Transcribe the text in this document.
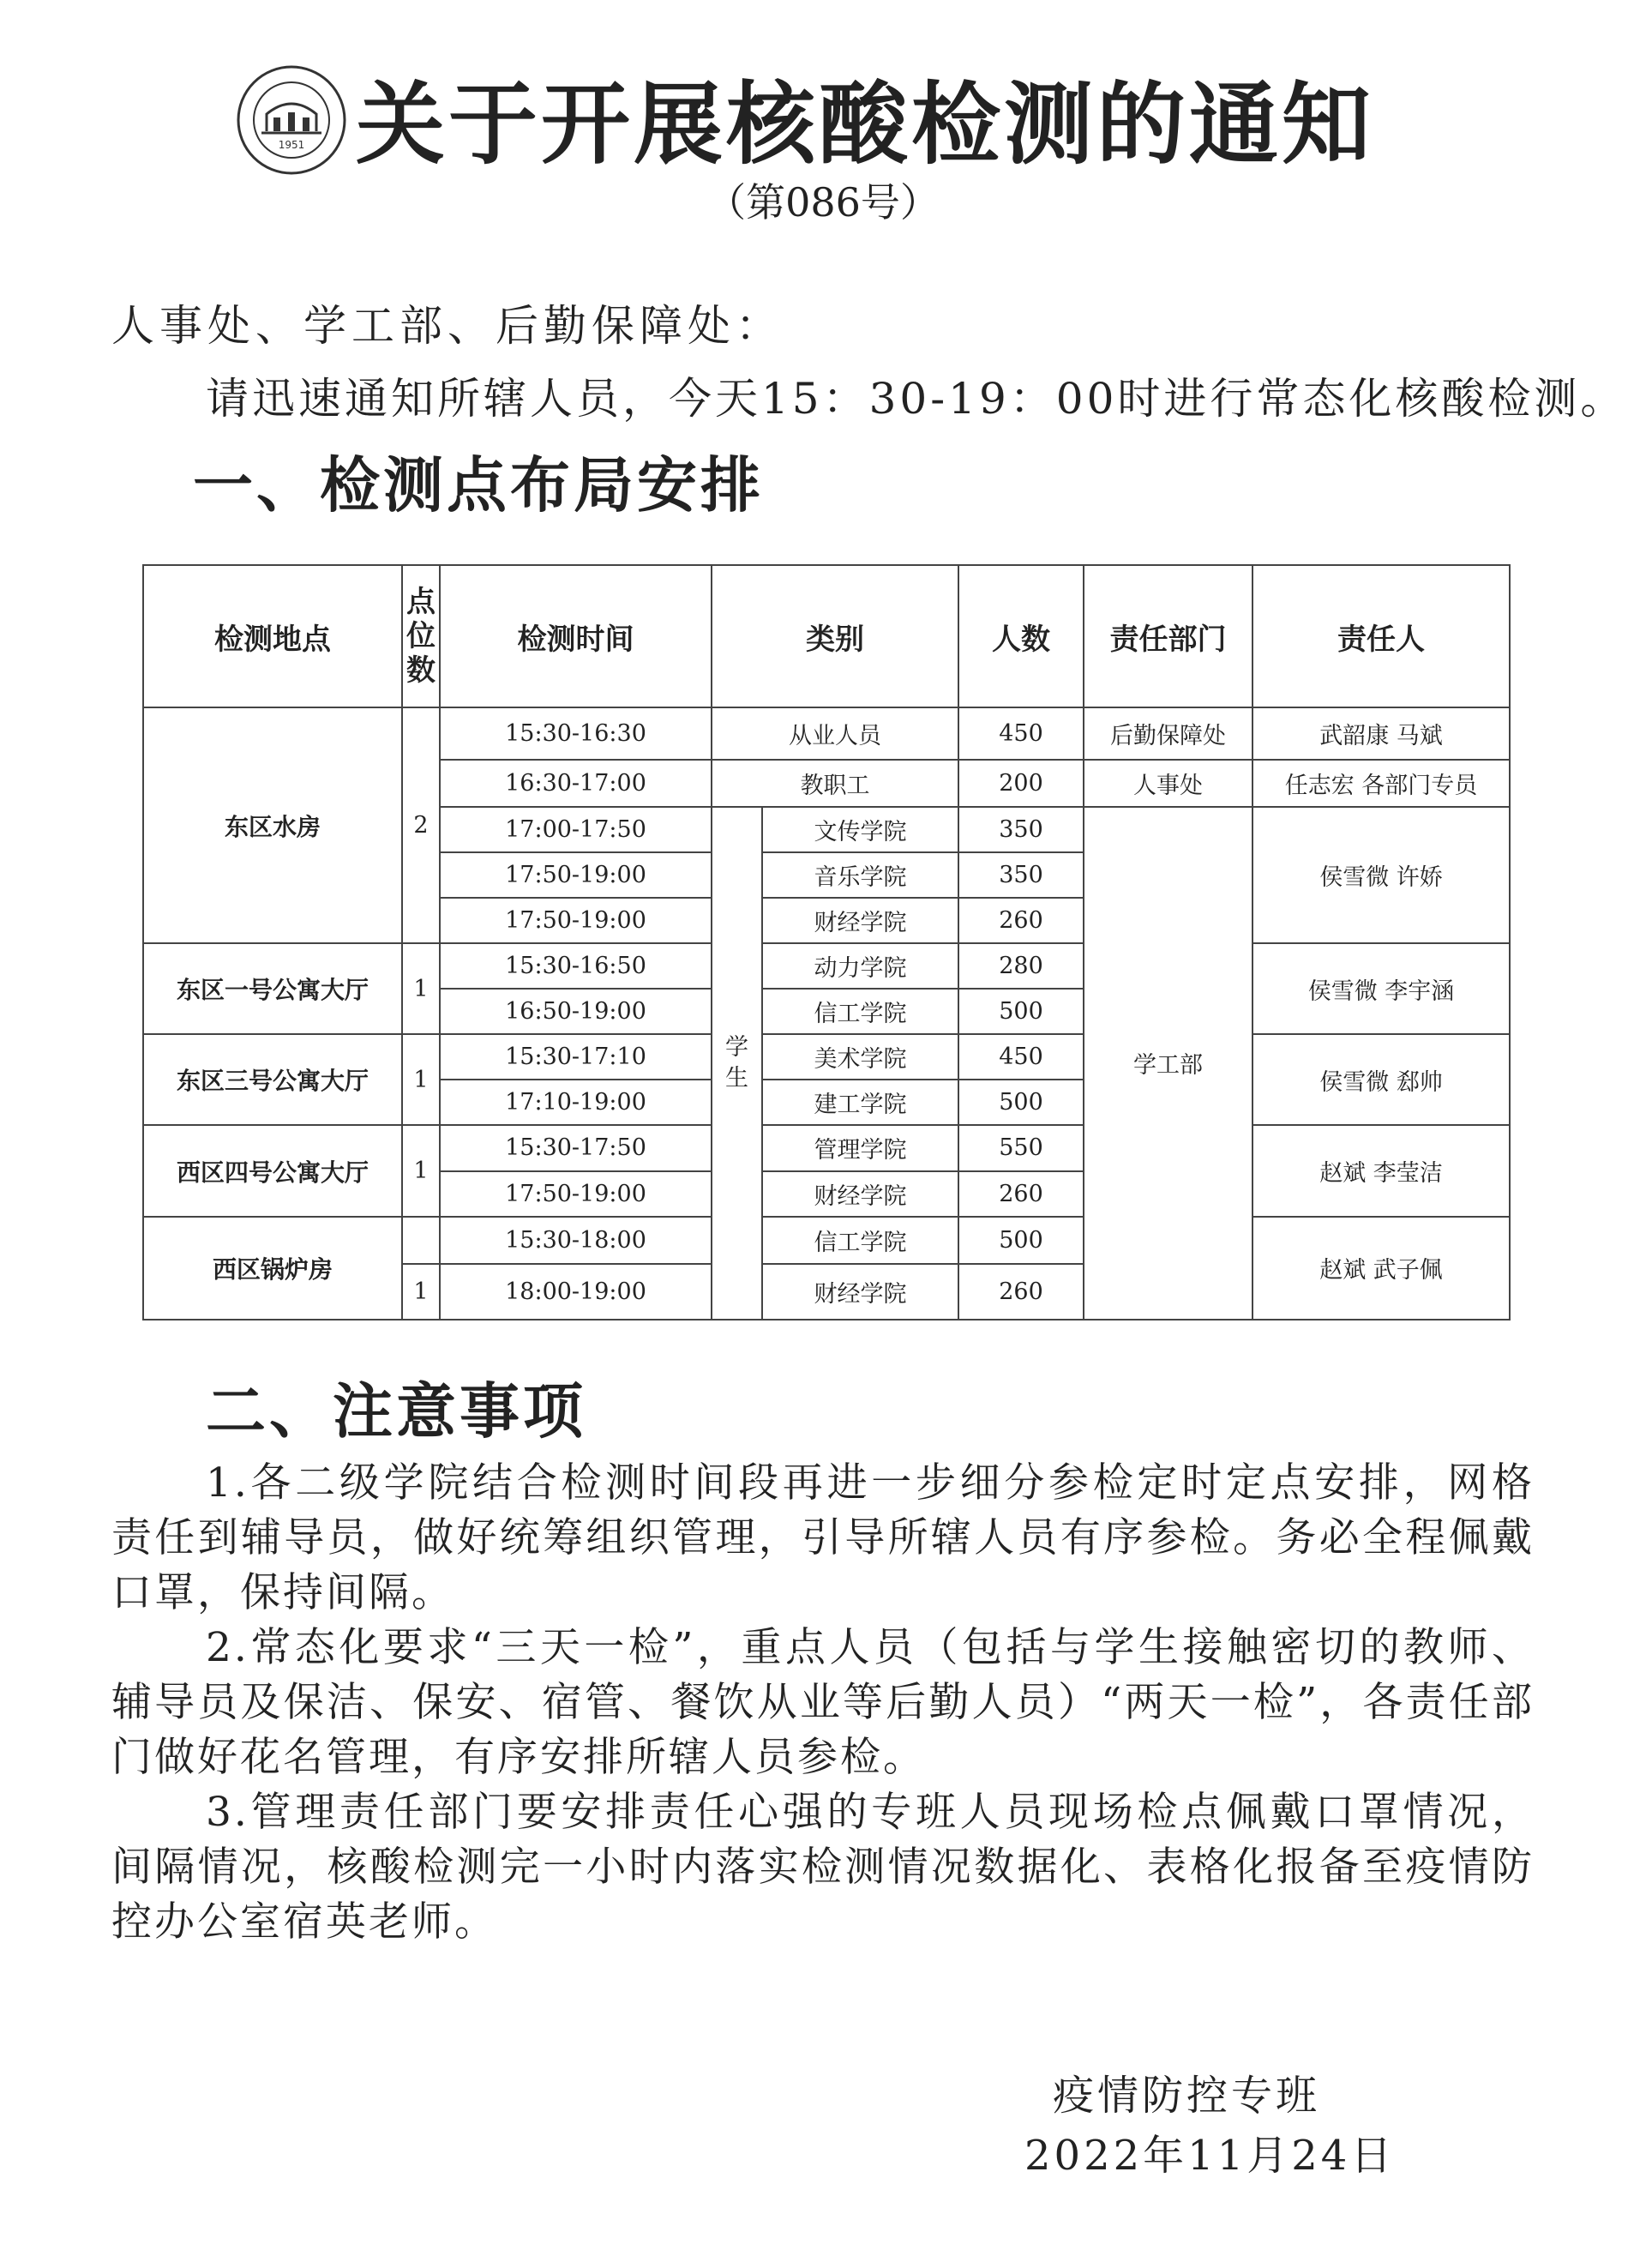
1951 关于开展核酸检测的通知
（第086号）
人事处、学工部、后勤保障处：
请迅速通知所辖人员，今天15：30-19：00时进行常态化核酸检测。
一、检测点布局安排
检测地点	点位数	检测时间	类别		人数	责任部门	责任人
东区水房	2	15:30-16:30	从业人员		450	后勤保障处	武韶康 马斌
		16:30-17:00	教职工		200	人事处	任志宏 各部门专员
		17:00-17:50	学生	文传学院	350	学工部	侯雪微 许娇
		17:50-19:00		音乐学院	350		
		17:50-19:00		财经学院	260		
东区一号公寓大厅	1	15:30-16:50		动力学院	280		侯雪微 李宇涵
		16:50-19:00		信工学院	500		
东区三号公寓大厅	1	15:30-17:10		美术学院	450		侯雪微 郄帅
		17:10-19:00		建工学院	500		
西区四号公寓大厅	1	15:30-17:50		管理学院	550		赵斌 李莹洁
		17:50-19:00		财经学院	260		
西区锅炉房		15:30-18:00		信工学院	500		赵斌 武子佩
	1	18:00-19:00		财经学院	260		
二、注意事项
1.各二级学院结合检测时间段再进一步细分参检定时定点安排，网格责任到辅导员，做好统筹组织管理，引导所辖人员有序参检。务必全程佩戴口罩，保持间隔。
2.常态化要求“三天一检”，重点人员（包括与学生接触密切的教师、辅导员及保洁、保安、宿管、餐饮从业等后勤人员）“两天一检”，各责任部门做好花名管理，有序安排所辖人员参检。
3.管理责任部门要安排责任心强的专班人员现场检点佩戴口罩情况，间隔情况，核酸检测完一小时内落实检测情况数据化、表格化报备至疫情防控办公室宿英老师。
疫情防控专班
2022年11月24日
